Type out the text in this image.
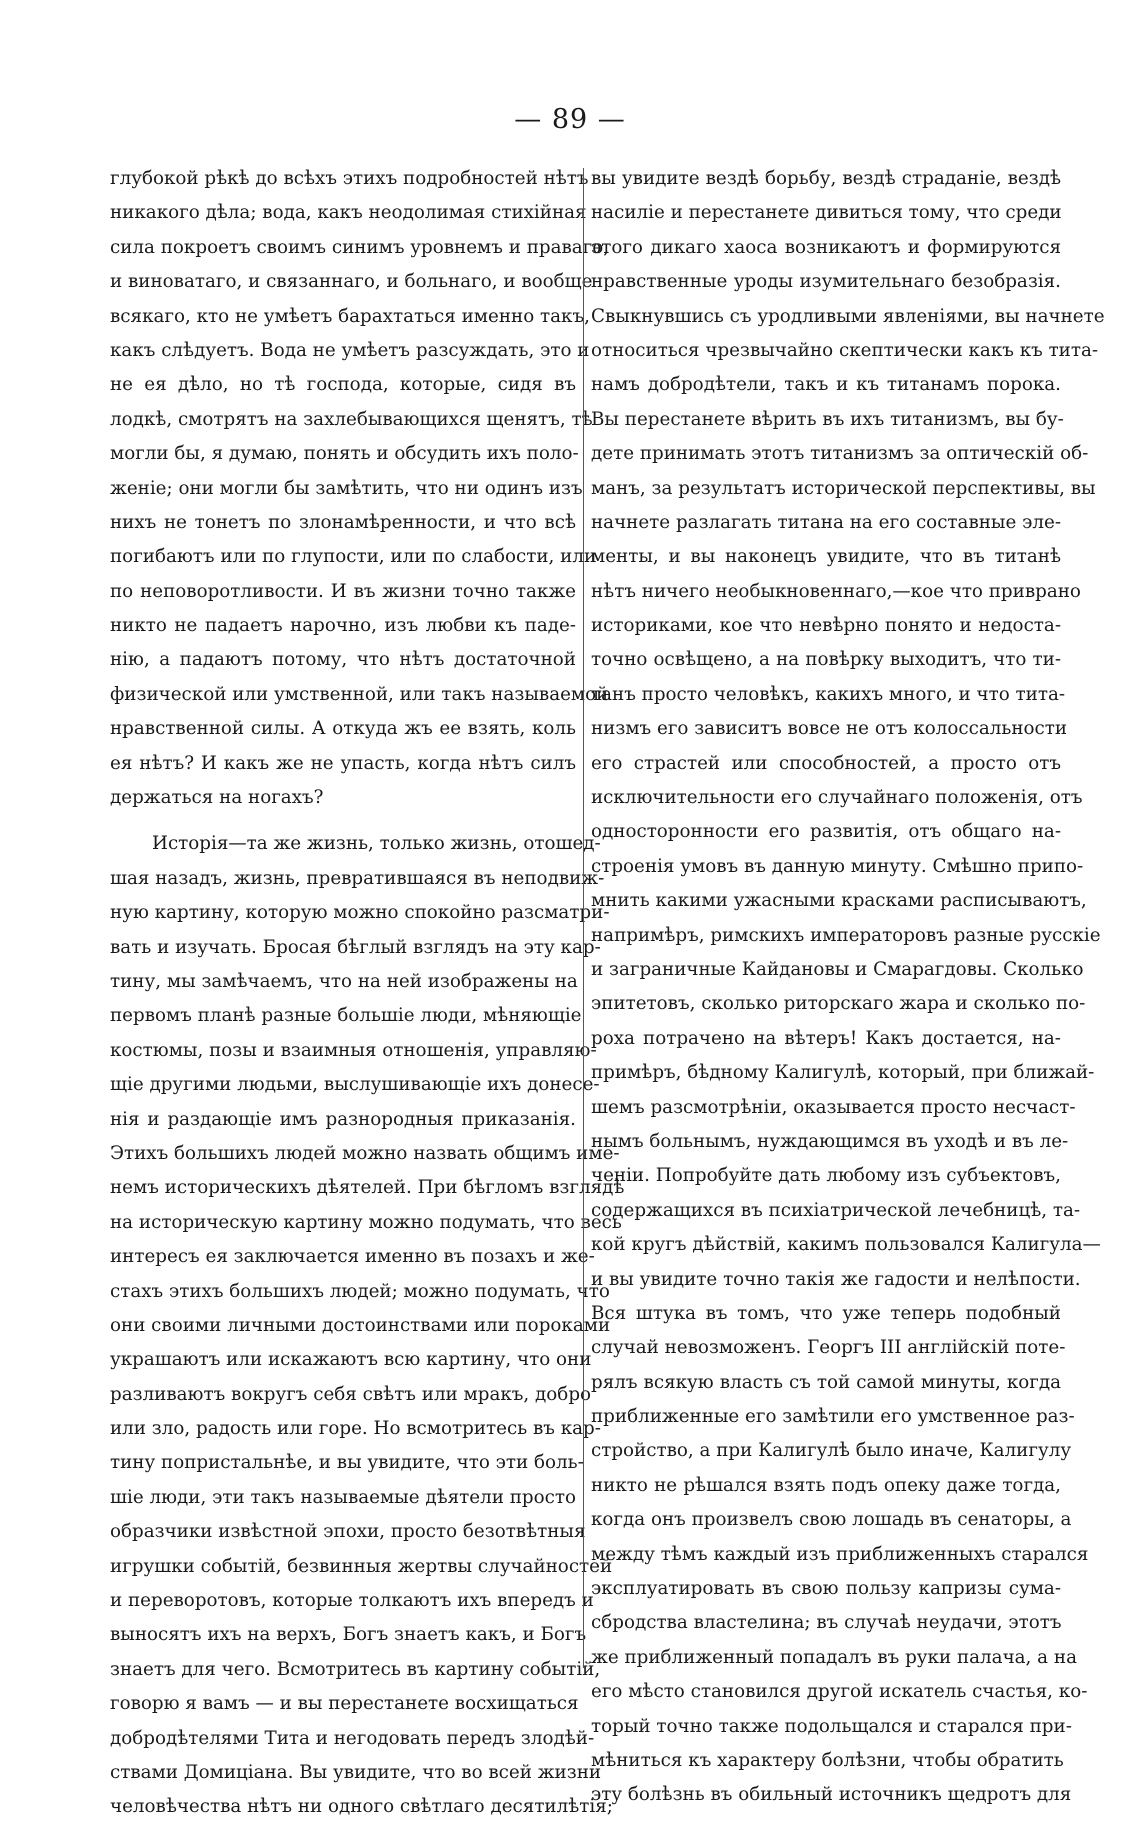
— 89 —
глубокой рѣкѣ до всѣхъ этихъ подробностей нѣтъ
никакого дѣла; вода, какъ неодолимая стихійная
сила покроетъ своимъ синимъ уровнемъ и праваго,
и виноватаго, и связаннаго, и больнаго, и вообще
всякаго, кто не умѣетъ барахтаться именно такъ,
какъ слѣдуетъ. Вода не умѣетъ разсуждать, это и
не ея дѣло, но тѣ господа, которые, сидя въ
лодкѣ, смотрятъ на захлебывающихся щенятъ, тѣ
могли бы, я думаю, понять и обсудить ихъ поло-
женіе; они могли бы замѣтить, что ни одинъ изъ
нихъ не тонетъ по злонамѣренности, и что всѣ
погибаютъ или по глупости, или по слабости, или
по неповоротливости. И въ жизни точно также
никто не падаетъ нарочно, изъ любви къ паде-
нію, а падаютъ потому, что нѣтъ достаточной
физической или умственной, или такъ называемой
нравственной силы. А откуда жъ ее взять, коль
ея нѣтъ? И какъ же не упасть, когда нѣтъ силъ
держаться на ногахъ?
Исторія—та же жизнь, только жизнь, отошед-
шая назадъ, жизнь, превратившаяся въ неподвиж-
ную картину, которую можно спокойно разсматри-
вать и изучать. Бросая бѣглый взглядъ на эту кар-
тину, мы замѣчаемъ, что на ней изображены на
первомъ планѣ разные большіе люди, мѣняющіе
костюмы, позы и взаимныя отношенія, управляю-
щіе другими людьми, выслушивающіе ихъ донесе-
нія и раздающіе имъ разнородныя приказанія.
Этихъ большихъ людей можно назвать общимъ име-
немъ историческихъ дѣятелей. При бѣгломъ взглядѣ
на историческую картину можно подумать, что весь
интересъ ея заключается именно въ позахъ и же-
стахъ этихъ большихъ людей; можно подумать, что
они своими личными достоинствами или пороками
украшаютъ или искажаютъ всю картину, что они
разливаютъ вокругъ себя свѣтъ или мракъ, добро
или зло, радость или горе. Но всмотритесь въ кар-
тину попристальнѣе, и вы увидите, что эти боль-
шіе люди, эти такъ называемые дѣятели просто
образчики извѣстной эпохи, просто безотвѣтныя
игрушки событій, безвинныя жертвы случайностей
и переворотовъ, которые толкаютъ ихъ впередъ и
выносятъ ихъ на верхъ, Богъ знаетъ какъ, и Богъ
знаетъ для чего. Всмотритесь въ картину событій,
говорю я вамъ — и вы перестанете восхищаться
добродѣтелями Тита и негодовать передъ злодѣй-
ствами Домиціана. Вы увидите, что во всей жизни
человѣчества нѣтъ ни одного свѣтлаго десятилѣтія;
вы увидите вездѣ борьбу, вездѣ страданіе, вездѣ
насиліе и перестанете дивиться тому, что среди
этого дикаго хаоса возникаютъ и формируются
нравственные уроды изумительнаго безобразія.
Свыкнувшись съ уродливыми явленіями, вы начнете
относиться чрезвычайно скептически какъ къ тита-
намъ добродѣтели, такъ и къ титанамъ порока.
Вы перестанете вѣрить въ ихъ титанизмъ, вы бу-
дете принимать этотъ титанизмъ за оптическій об-
манъ, за результатъ исторической перспективы, вы
начнете разлагать титана на его составные эле-
менты, и вы наконецъ увидите, что въ титанѣ
нѣтъ ничего необыкновеннаго,—кое что приврано
историками, кое что невѣрно понято и недоста-
точно освѣщено, а на повѣрку выходитъ, что ти-
танъ просто человѣкъ, какихъ много, и что тита-
низмъ его зависитъ вовсе не отъ колоссальности
его страстей или способностей, а просто отъ
исключительности его случайнаго положенія, отъ
односторонности его развитія, отъ общаго на-
строенія умовъ въ данную минуту. Смѣшно припо-
мнить какими ужасными красками расписываютъ,
напримѣръ, римскихъ императоровъ разные русскіе
и заграничные Кайдановы и Смарагдовы. Сколько
эпитетовъ, сколько риторскаго жара и сколько по-
роха потрачено на вѣтеръ! Какъ достается, на-
примѣръ, бѣдному Калигулѣ, который, при ближай-
шемъ разсмотрѣніи, оказывается просто несчаст-
нымъ больнымъ, нуждающимся въ уходѣ и въ ле-
ченіи. Попробуйте дать любому изъ субъектовъ,
содержащихся въ психіатрической лечебницѣ, та-
кой кругъ дѣйствій, какимъ пользовался Калигула—
и вы увидите точно такія же гадости и нелѣпости.
Вся штука въ томъ, что уже теперь подобный
случай невозможенъ. Георгъ III англійскій поте-
рялъ всякую власть съ той самой минуты, когда
приближенные его замѣтили его умственное раз-
стройство, а при Калигулѣ было иначе, Калигулу
никто не рѣшался взять подъ опеку даже тогда,
когда онъ произвелъ свою лошадь въ сенаторы, а
между тѣмъ каждый изъ приближенныхъ старался
эксплуатировать въ свою пользу капризы сума-
сбродства властелина; въ случаѣ неудачи, этотъ
же приближенный попадалъ въ руки палача, а на
его мѣсто становился другой искатель счастья, ко-
торый точно также подольщался и старался при-
мѣниться къ характеру болѣзни, чтобы обратить
эту болѣзнь въ обильный источникъ щедротъ для
